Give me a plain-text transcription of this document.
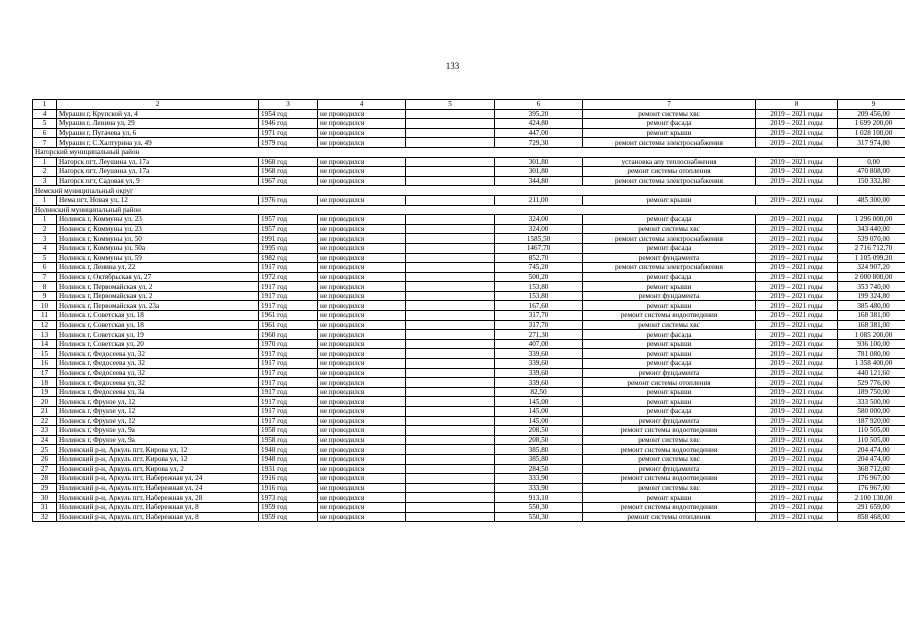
133
1	2	3	4	5	6	7	8	9
4	Мурашн г, Крупской ул, 4	1954 год	не проводился		395,20	ремонт системы хвс	2019 – 2021 годы	209 456,00
5	Мурашн г, Ленина ул, 29	1946 год	не проводился		424,80	ремонт фасада	2019 – 2021 годы	1 699 200,00
6	Мурашн г, Пугачева ул, 6	1971 год	не проводился		447,00	ремонт крыши	2019 – 2021 годы	1 028 100,00
7	Мурашн г, С.Халтурина ул, 49	1979 год	не проводился		729,30	ремонт системы электроснабжения	2019 – 2021 годы	317 974,80
Нагорский муниципальный район								
1	Нагорск пгт, Леушина ул, 17а	1968 год	не проводился		301,80	установка апу теплоснабжения	2019 – 2021 годы	0,00
2	Нагорск пгт, Леушина ул, 17а	1968 год	не проводился		301,80	ремонт системы отопления	2019 – 2021 годы	470 808,00
3	Нагорск пгт, Садовая ул, 9	1967 год	не проводился		344,80	ремонт системы электроснабжения	2019 – 2021 годы	150 332,80
Немский муниципальный округ								
1	Нема пгт, Новая ул, 12	1976 год	не проводился		211,00	ремонт крыши	2019 – 2021 годы	485 300,00
Нолинский муниципальный район								
1	Нолинск г, Коммуны ул, 23	1957 год	не проводился		324,00	ремонт фасада	2019 – 2021 годы	1 296 000,00
2	Нолинск г, Коммуны ул, 23	1957 год	не проводился		324,00	ремонт системы хвс	2019 – 2021 годы	343 440,00
3	Нолинск г, Коммуны ул, 50	1991 год	не проводился		1585,50	ремонт системы электроснабжения	2019 – 2021 годы	539 070,00
4	Нолинск г, Коммуны ул, 50а	1995 год	не проводился		1467,70	ремонт фасада	2019 – 2021 годы	2 716 712,70
5	Нолинск г, Коммуны ул, 59	1982 год	не проводился		852,70	ремонт фундамента	2019 – 2021 годы	1 105 099,20
6	Нолинск г, Ленина ул, 22	1917 год	не проводился		745,20	ремонт системы электроснабжения	2019 – 2021 годы	324 907,20
7	Нолинск г, Октябрьская ул, 27	1972 год	не проводился		500,20	ремонт фасада	2019 – 2021 годы	2 000 800,00
8	Нолинск г, Первомайская ул, 2	1917 год	не проводился		153,80	ремонт крыши	2019 – 2021 годы	353 740,00
9	Нолинск г, Первомайская ул, 2	1917 год	не проводился		153,80	ремонт фундамента	2019 – 2021 годы	199 324,80
10	Нолинск г, Первомайская ул, 23а	1917 год	не проводился		167,60	ремонт крыши	2019 – 2021 годы	385 480,00
11	Нолинск г, Советская ул, 18	1961 год	не проводился		317,70	ремонт системы водоотведения	2019 – 2021 годы	168 381,00
12	Нолинск г, Советская ул, 18	1961 год	не проводился		317,70	ремонт системы хвс	2019 – 2021 годы	168 381,00
13	Нолинск г, Советская ул, 19	1960 год	не проводился		271,30	ремонт фасада	2019 – 2021 годы	1 085 200,00
14	Нолинск г, Советская ул, 20	1970 год	не проводился		407,00	ремонт крыши	2019 – 2021 годы	936 100,00
15	Нолинск г, Федосеева ул, 32	1917 год	не проводился		339,60	ремонт крыши	2019 – 2021 годы	781 080,00
16	Нолинск г, Федосеева ул, 32	1917 год	не проводился		339,60	ремонт фасада	2019 – 2021 годы	1 358 400,00
17	Нолинск г, Федосеева ул, 32	1917 год	не проводился		339,60	ремонт фундамента	2019 – 2021 годы	440 121,60
18	Нолинск г, Федосеева ул, 32	1917 год	не проводился		339,60	ремонт системы отопления	2019 – 2021 годы	529 776,00
19	Нолинск г, Федосеева ул, 3а	1917 год	не проводился		82,50	ремонт крыши	2019 – 2021 годы	189 750,00
20	Нолинск г, Фрунзе ул, 12	1917 год	не проводился		145,00	ремонт крыши	2019 – 2021 годы	333 500,00
21	Нолинск г, Фрунзе ул, 12	1917 год	не проводился		145,00	ремонт фасада	2019 – 2021 годы	580 000,00
22	Нолинск г, Фрунзе ул, 12	1917 год	не проводился		145,00	ремонт фундамента	2019 – 2021 годы	187 920,00
23	Нолинск г, Фрунзе ул, 9а	1958 год	не проводился		208,50	ремонт системы водоотведения	2019 – 2021 годы	110 505,00
24	Нолинск г, Фрунзе ул, 9а	1958 год	не проводился		208,50	ремонт системы хвс	2019 – 2021 годы	110 505,00
25	Нолинский р-н, Аркуль пгт, Кирова ул, 12	1948 год	не проводился		385,80	ремонт системы водоотведения	2019 – 2021 годы	204 474,00
26	Нолинский р-н, Аркуль пгт, Кирова ул, 12	1948 год	не проводился		385,80	ремонт системы хвс	2019 – 2021 годы	204 474,00
27	Нолинский р-н, Аркуль пгт, Кирова ул, 2	1931 год	не проводился		284,50	ремонт фундамента	2019 – 2021 годы	368 712,00
28	Нолинский р-н, Аркуль пгт, Набережная ул, 24	1916 год	не проводился		333,90	ремонт системы водоотведения	2019 – 2021 годы	176 967,00
29	Нолинский р-н, Аркуль пгт, Набережная ул, 24	1916 год	не проводился		333,90	ремонт системы хвс	2019 – 2021 годы	176 967,00
30	Нолинский р-н, Аркуль пгт, Набережная ул, 28	1973 год	не проводился		913,10	ремонт крыши	2019 – 2021 годы	2 100 130,00
31	Нолинский р-н, Аркуль пгт, Набережная ул, 8	1959 год	не проводился		550,30	ремонт системы водоотведения	2019 – 2021 годы	291 659,00
32	Нолинский р-н, Аркуль пгт, Набережная ул, 8	1959 год	не проводился		550,30	ремонт системы отопления	2019 – 2021 годы	858 468,00
